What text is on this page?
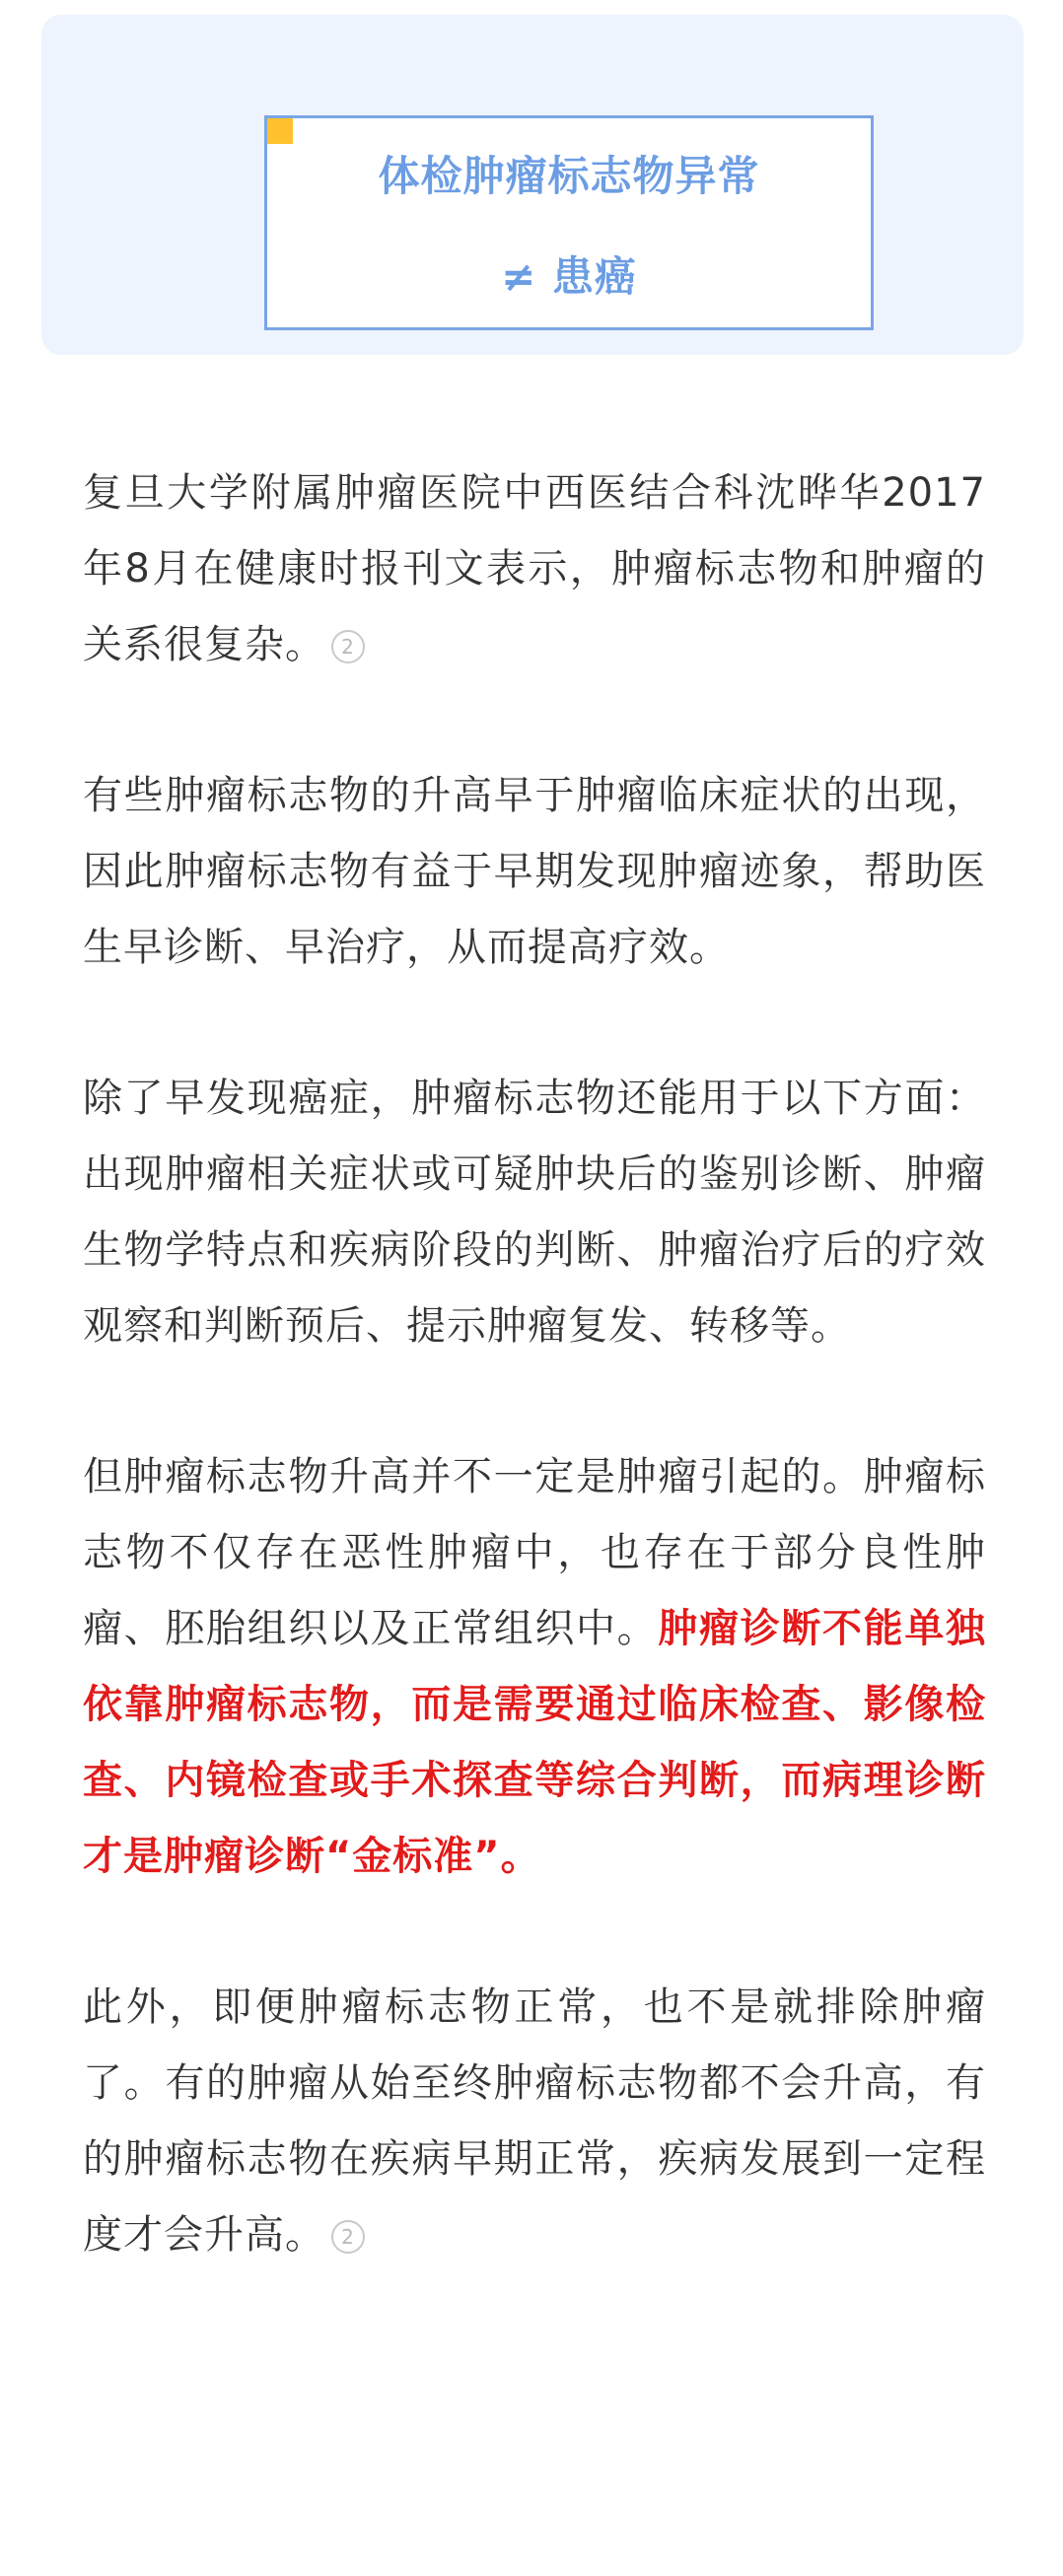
体检肿瘤标志物异常
≠ 患癌

复旦大学附属肿瘤医院中西医结合科沈晔华2017年8月在健康时报刊文表示，肿瘤标志物和肿瘤的关系很复杂。 2

有些肿瘤标志物的升高早于肿瘤临床症状的出现，因此肿瘤标志物有益于早期发现肿瘤迹象，帮助医生早诊断、早治疗，从而提高疗效。

除了早发现癌症，肿瘤标志物还能用于以下方面：出现肿瘤相关症状或可疑肿块后的鉴别诊断、肿瘤生物学特点和疾病阶段的判断、肿瘤治疗后的疗效观察和判断预后、提示肿瘤复发、转移等。

但肿瘤标志物升高并不一定是肿瘤引起的。肿瘤标志物不仅存在恶性肿瘤中，也存在于部分良性肿瘤、胚胎组织以及正常组织中。肿瘤诊断不能单独依靠肿瘤标志物，而是需要通过临床检查、影像检查、内镜检查或手术探查等综合判断，而病理诊断才是肿瘤诊断“金标准”。

此外，即便肿瘤标志物正常，也不是就排除肿瘤了。有的肿瘤从始至终肿瘤标志物都不会升高，有的肿瘤标志物在疾病早期正常，疾病发展到一定程度才会升高。 2
